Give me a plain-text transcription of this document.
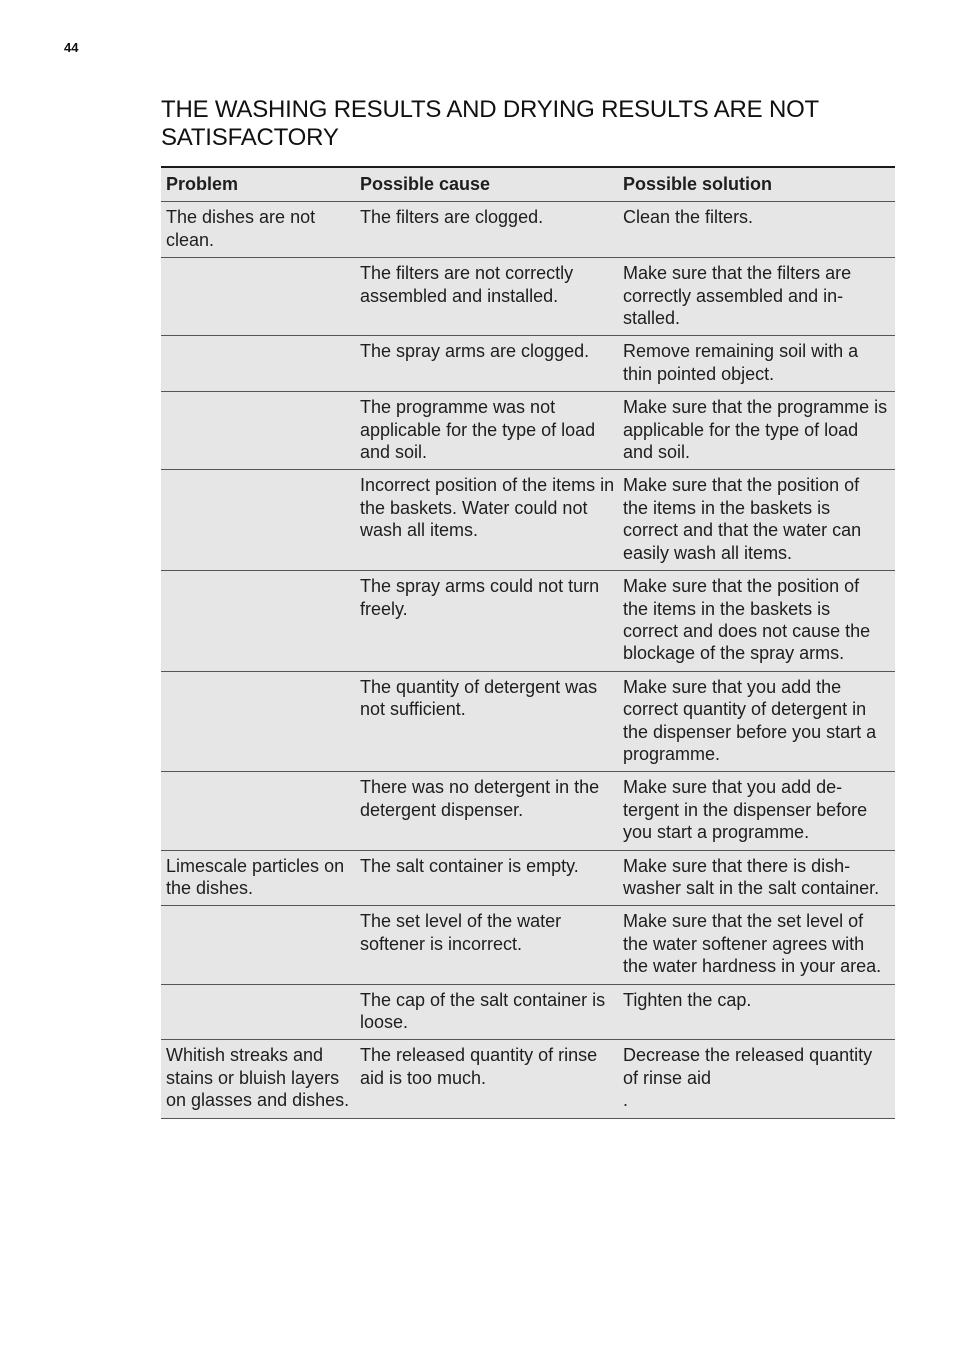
44
THE WASHING RESULTS AND DRYING RESULTS ARE NOT SATISFACTORY
Problem	Possible cause	Possible solution
The dishes are not clean.	The filters are clogged.	Clean the filters.
	The filters are not correctly assembled and installed.	Make sure that the filters are correctly assembled and installed.
	The spray arms are clogged.	Remove remaining soil with a thin pointed object.
	The programme was not applicable for the type of load and soil.	Make sure that the programme is applicable for the type of load and soil.
	Incorrect position of the items in the baskets. Water could not wash all items.	Make sure that the position of the items in the baskets is correct and that the water can easily wash all items.
	The spray arms could not turn freely.	Make sure that the position of the items in the baskets is correct and does not cause the blockage of the spray arms.
	The quantity of detergent was not sufficient.	Make sure that you add the correct quantity of detergent in the dispenser before you start a programme.
	There was no detergent in the detergent dispenser.	Make sure that you add detergent in the dispenser before you start a programme.
Limescale particles on the dishes.	The salt container is empty.	Make sure that there is dishwasher salt in the salt container.
	The set level of the water softener is incorrect.	Make sure that the set level of the water softener agrees with the water hardness in your area.
	The cap of the salt container is loose.	Tighten the cap.
Whitish streaks and stains or bluish layers on glasses and dishes.	The released quantity of rinse aid is too much.	Decrease the released quantity of rinse aid
.
